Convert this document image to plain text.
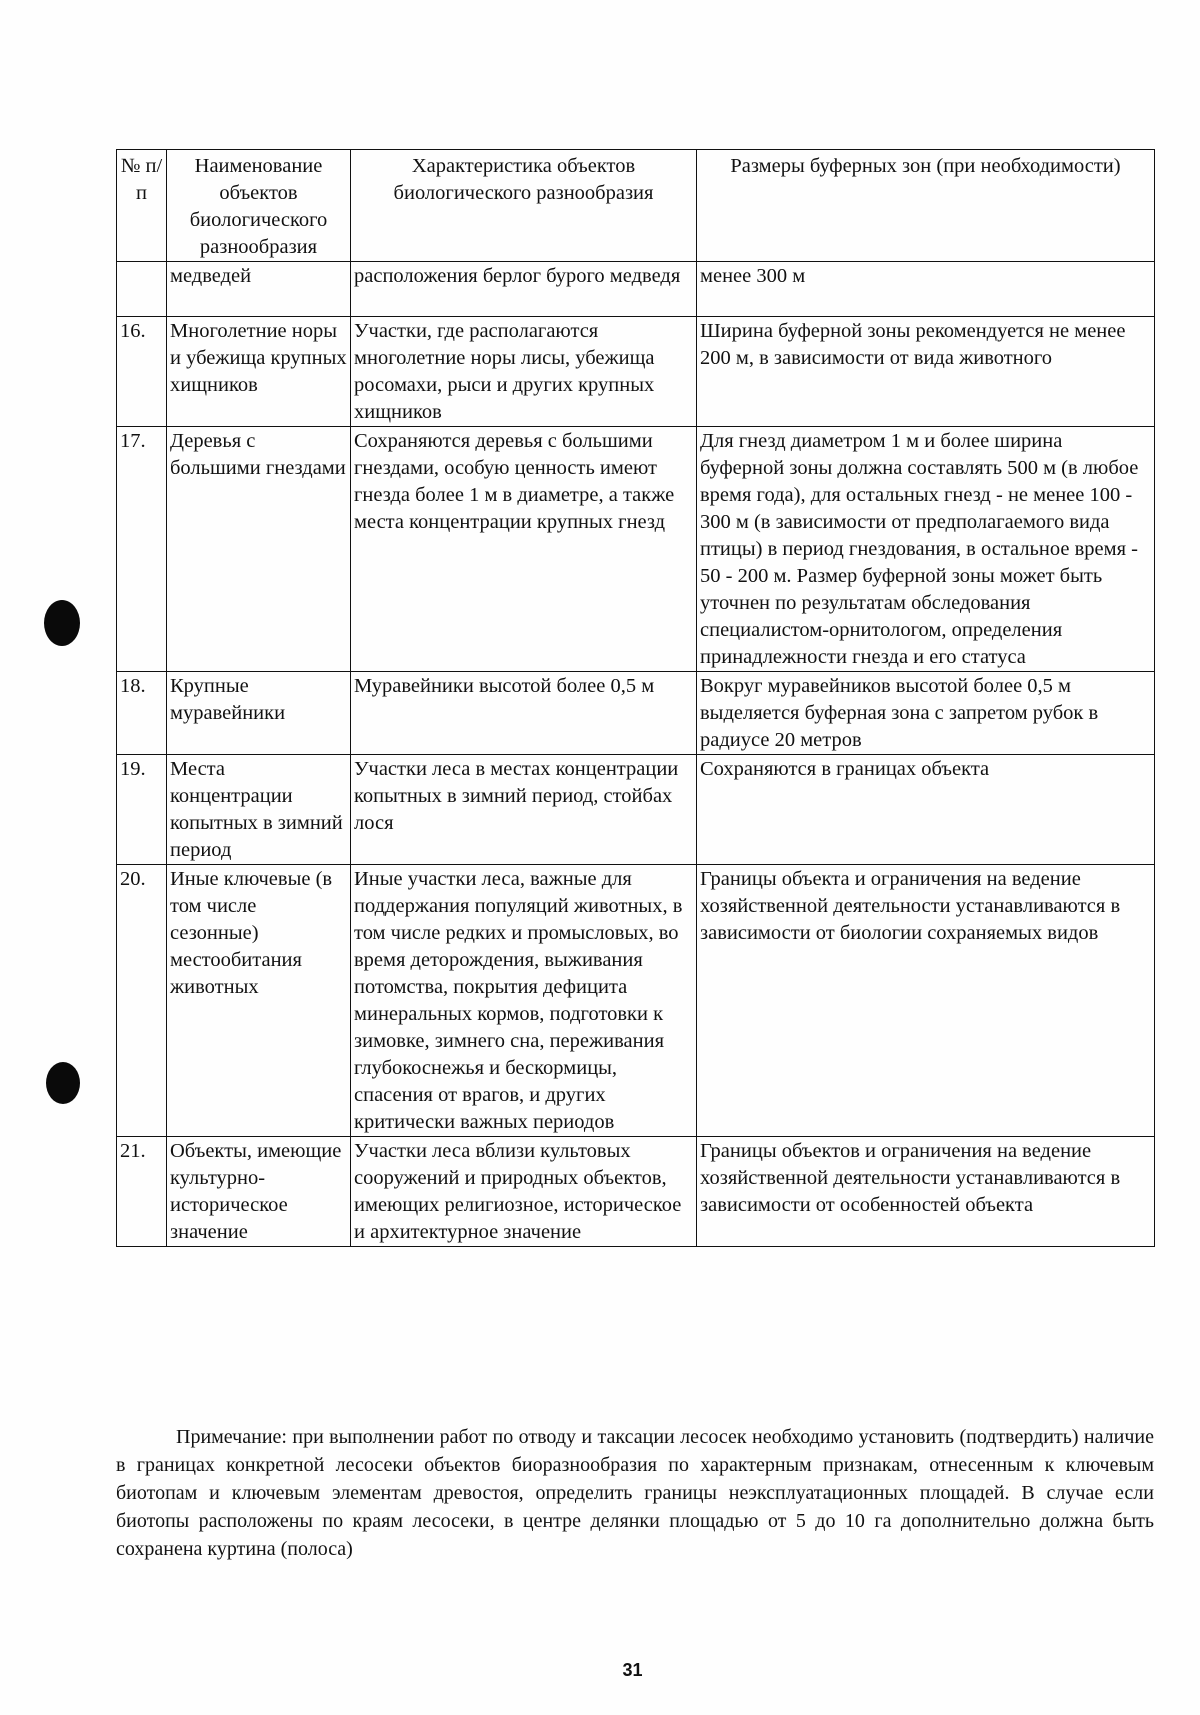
№ п/п	Наименование объектов биологического разнообразия	Характеристика объектов биологического разнообразия	Размеры буферных зон (при необходимости)
	медведей	расположения берлог бурого медведя	менее 300 м
16.	Многолетние норы и убежища крупных хищников	Участки, где располагаются многолетние норы лисы, убежища росомахи, рыси и других крупных хищников	Ширина буферной зоны рекомендуется не менее 200 м, в зависимости от вида животного
17.	Деревья с большими гнездами	Сохраняются деревья с большими гнездами, особую ценность имеют гнезда более 1 м в диаметре, а также места концентрации крупных гнезд	Для гнезд диаметром 1 м и более ширина буферной зоны должна составлять 500 м (в любое время года), для остальных гнезд - не менее 100 - 300 м (в зависимости от предполагаемого вида птицы) в период гнездования, в остальное время - 50 - 200 м. Размер буферной зоны может быть уточнен по результатам обследования специалистом-орнитологом, определения принадлежности гнезда и его статуса
18.	Крупные муравейники	Муравейники высотой более 0,5 м	Вокруг муравейников высотой более 0,5 м выделяется буферная зона с запретом рубок в радиусе 20 метров
19.	Места концентрации копытных в зимний период	Участки леса в местах концентрации копытных в зимний период, стойбах лося	Сохраняются в границах объекта
20.	Иные ключевые (в том числе сезонные) местообитания животных	Иные участки леса, важные для поддержания популяций животных, в том числе редких и промысловых, во время деторождения, выживания потомства, покрытия дефицита минеральных кормов, подготовки к зимовке, зимнего сна, переживания глубокоснежья и бескормицы, спасения от врагов, и других критически важных периодов	Границы объекта и ограничения на ведение хозяйственной деятельности устанавливаются в зависимости от биологии сохраняемых видов
21.	Объекты, имеющие культурно-историческое значение	Участки леса вблизи культовых сооружений и природных объектов, имеющих религиозное, историческое и архитектурное значение	Границы объектов и ограничения на ведение хозяйственной деятельности устанавливаются в зависимости от особенностей объекта

Примечание: при выполнении работ по отводу и таксации лесосек необходимо установить (подтвердить) наличие в границах конкретной лесосеки объектов биоразнообразия по характерным признакам, отнесенным к ключевым биотопам и ключевым элементам древостоя, определить границы неэксплуатационных площадей. В случае если биотопы расположены по краям лесосеки, в центре делянки площадью от 5 до 10 га дополнительно должна быть сохранена куртина (полоса)

31
